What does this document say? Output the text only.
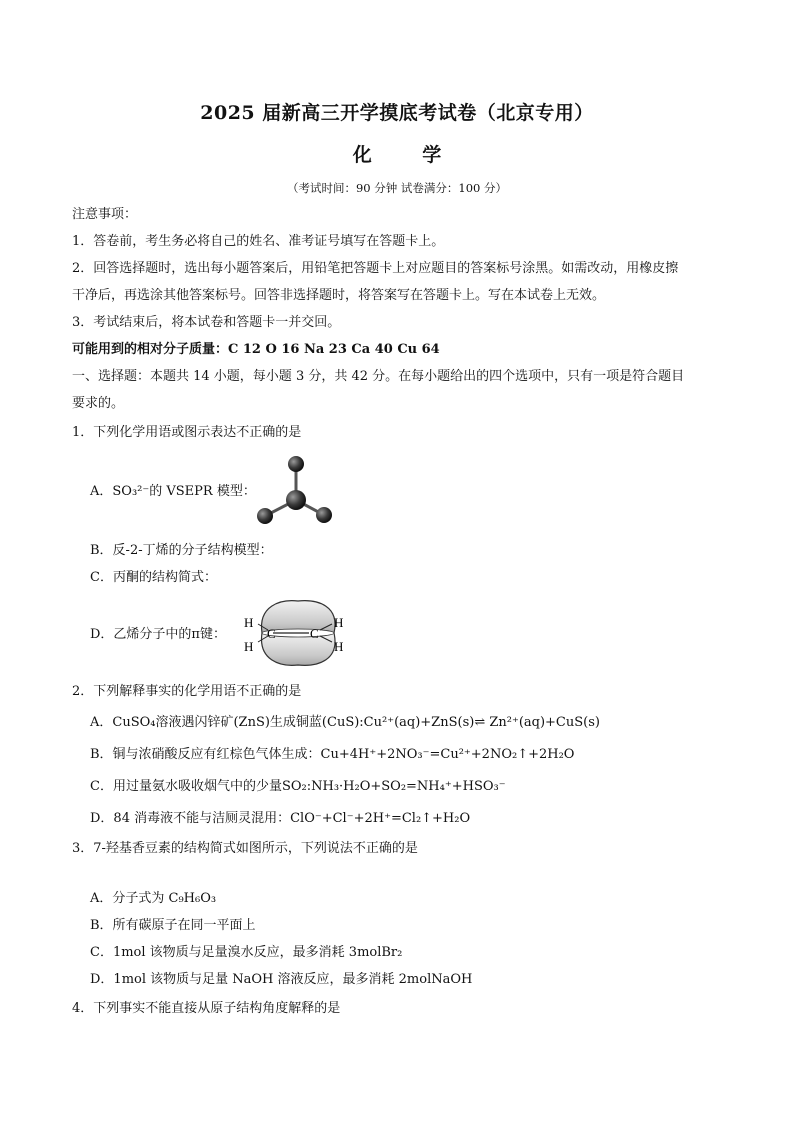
2025 届新高三开学摸底考试卷（北京专用）
化 学
（考试时间：90 分钟 试卷满分：100 分）
注意事项：
1．答卷前，考生务必将自己的姓名、准考证号填写在答题卡上。
2．回答选择题时，选出每小题答案后，用铅笔把答题卡上对应题目的答案标号涂黑。如需改动，用橡皮擦
干净后，再选涂其他答案标号。回答非选择题时，将答案写在答题卡上。写在本试卷上无效。
3．考试结束后，将本试卷和答题卡一并交回。
可能用到的相对分子质量：C 12 O 16 Na 23 Ca 40 Cu 64
一、选择题：本题共 14 小题，每小题 3 分，共 42 分。在每小题给出的四个选项中，只有一项是符合题目
要求的。
1．下列化学用语或图示表达不正确的是
A．SO₃²⁻的 VSEPR 模型：
B．反-2-丁烯的分子结构模型：
C．丙酮的结构简式：
D．乙烯分子中的π键：	C	C
H
H
H
H
2．下列解释事实的化学用语不正确的是
A．CuSO₄溶液遇闪锌矿(ZnS)生成铜蓝(CuS):Cu²⁺(aq)+ZnS(s)⇌ Zn²⁺(aq)+CuS(s)
B．铜与浓硝酸反应有红棕色气体生成：Cu+4H⁺+2NO₃⁻=Cu²⁺+2NO₂↑+2H₂O
C．用过量氨水吸收烟气中的少量SO₂:NH₃·H₂O+SO₂=NH₄⁺+HSO₃⁻
D．84 消毒液不能与洁厕灵混用：ClO⁻+Cl⁻+2H⁺=Cl₂↑+H₂O
3．7-羟基香豆素的结构简式如图所示，下列说法不正确的是
A．分子式为 C₉H₆O₃
B．所有碳原子在同一平面上
C．1mol 该物质与足量溴水反应，最多消耗 3molBr₂
D．1mol 该物质与足量 NaOH 溶液反应，最多消耗 2molNaOH
4．下列事实不能直接从原子结构角度解释的是
